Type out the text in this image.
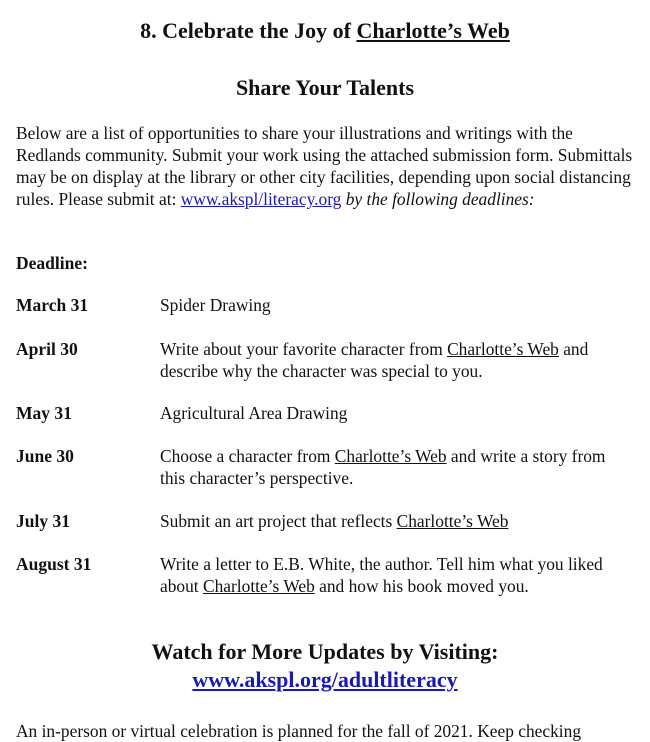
8. Celebrate the Joy of Charlotte’s Web
Share Your Talents
Below are a list of opportunities to share your illustrations and writings with the Redlands community. Submit your work using the attached submission form. Submittals may be on display at the library or other city facilities, depending upon social distancing rules. Please submit at: www.akspl/literacy.org by the following deadlines:
Deadline:
March 31	Spider Drawing
April 30	Write about your favorite character from Charlotte’s Web and describe why the character was special to you.
May 31	Agricultural Area Drawing
June 30	Choose a character from Charlotte’s Web and write a story from this character’s perspective.
July 31	Submit an art project that reflects Charlotte’s Web
August 31	Write a letter to E.B. White, the author. Tell him what you liked about Charlotte’s Web and how his book moved you.
Watch for More Updates by Visiting:
www.akspl.org/adultliteracy
An in-person or virtual celebration is planned for the fall of 2021. Keep checking
